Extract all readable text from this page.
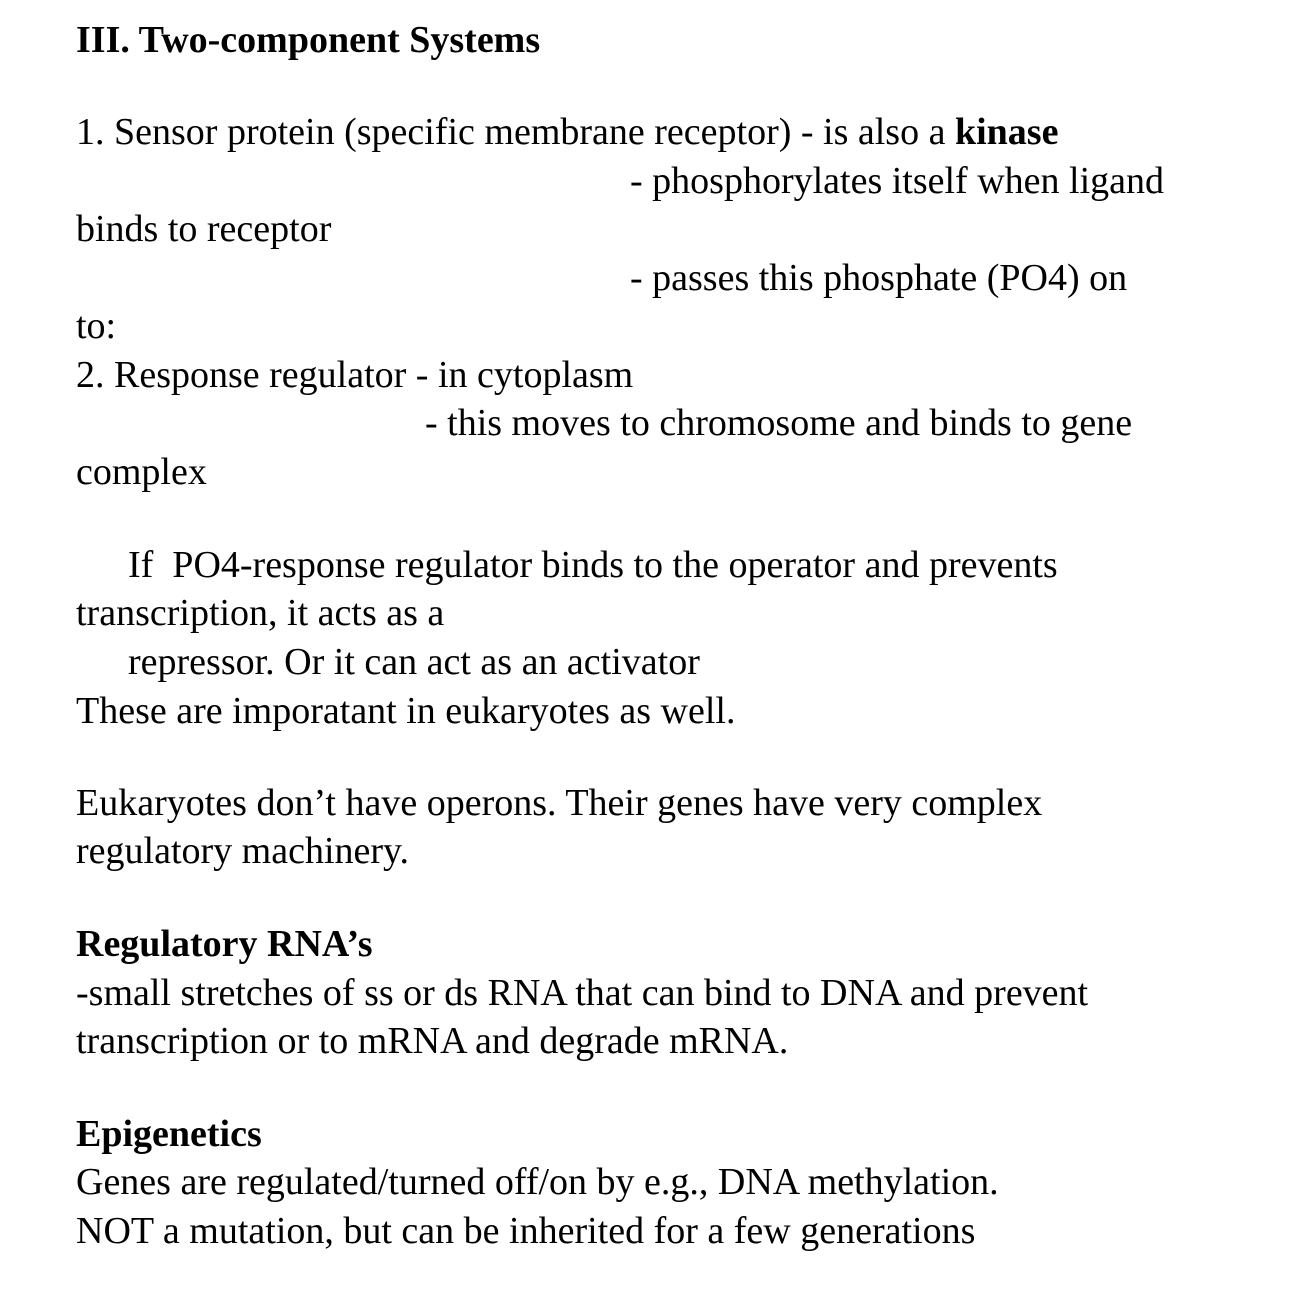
III. Two-component Systems

1. Sensor protein (specific membrane receptor) - is also a kinase

- phosphorylates itself when ligand

binds to receptor

- passes this phosphate (PO4) on

to:

2. Response regulator - in cytoplasm

- this moves to chromosome and binds to gene

complex

If  PO4-response regulator binds to the operator and prevents

transcription, it acts as a

repressor. Or it can act as an activator

These are imporatant in eukaryotes as well.

Eukaryotes don’t have operons. Their genes have very complex

regulatory machinery.

Regulatory RNA’s

-small stretches of ss or ds RNA that can bind to DNA and prevent

transcription or to mRNA and degrade mRNA.

Epigenetics

Genes are regulated/turned off/on by e.g., DNA methylation.

NOT a mutation, but can be inherited for a few generations
